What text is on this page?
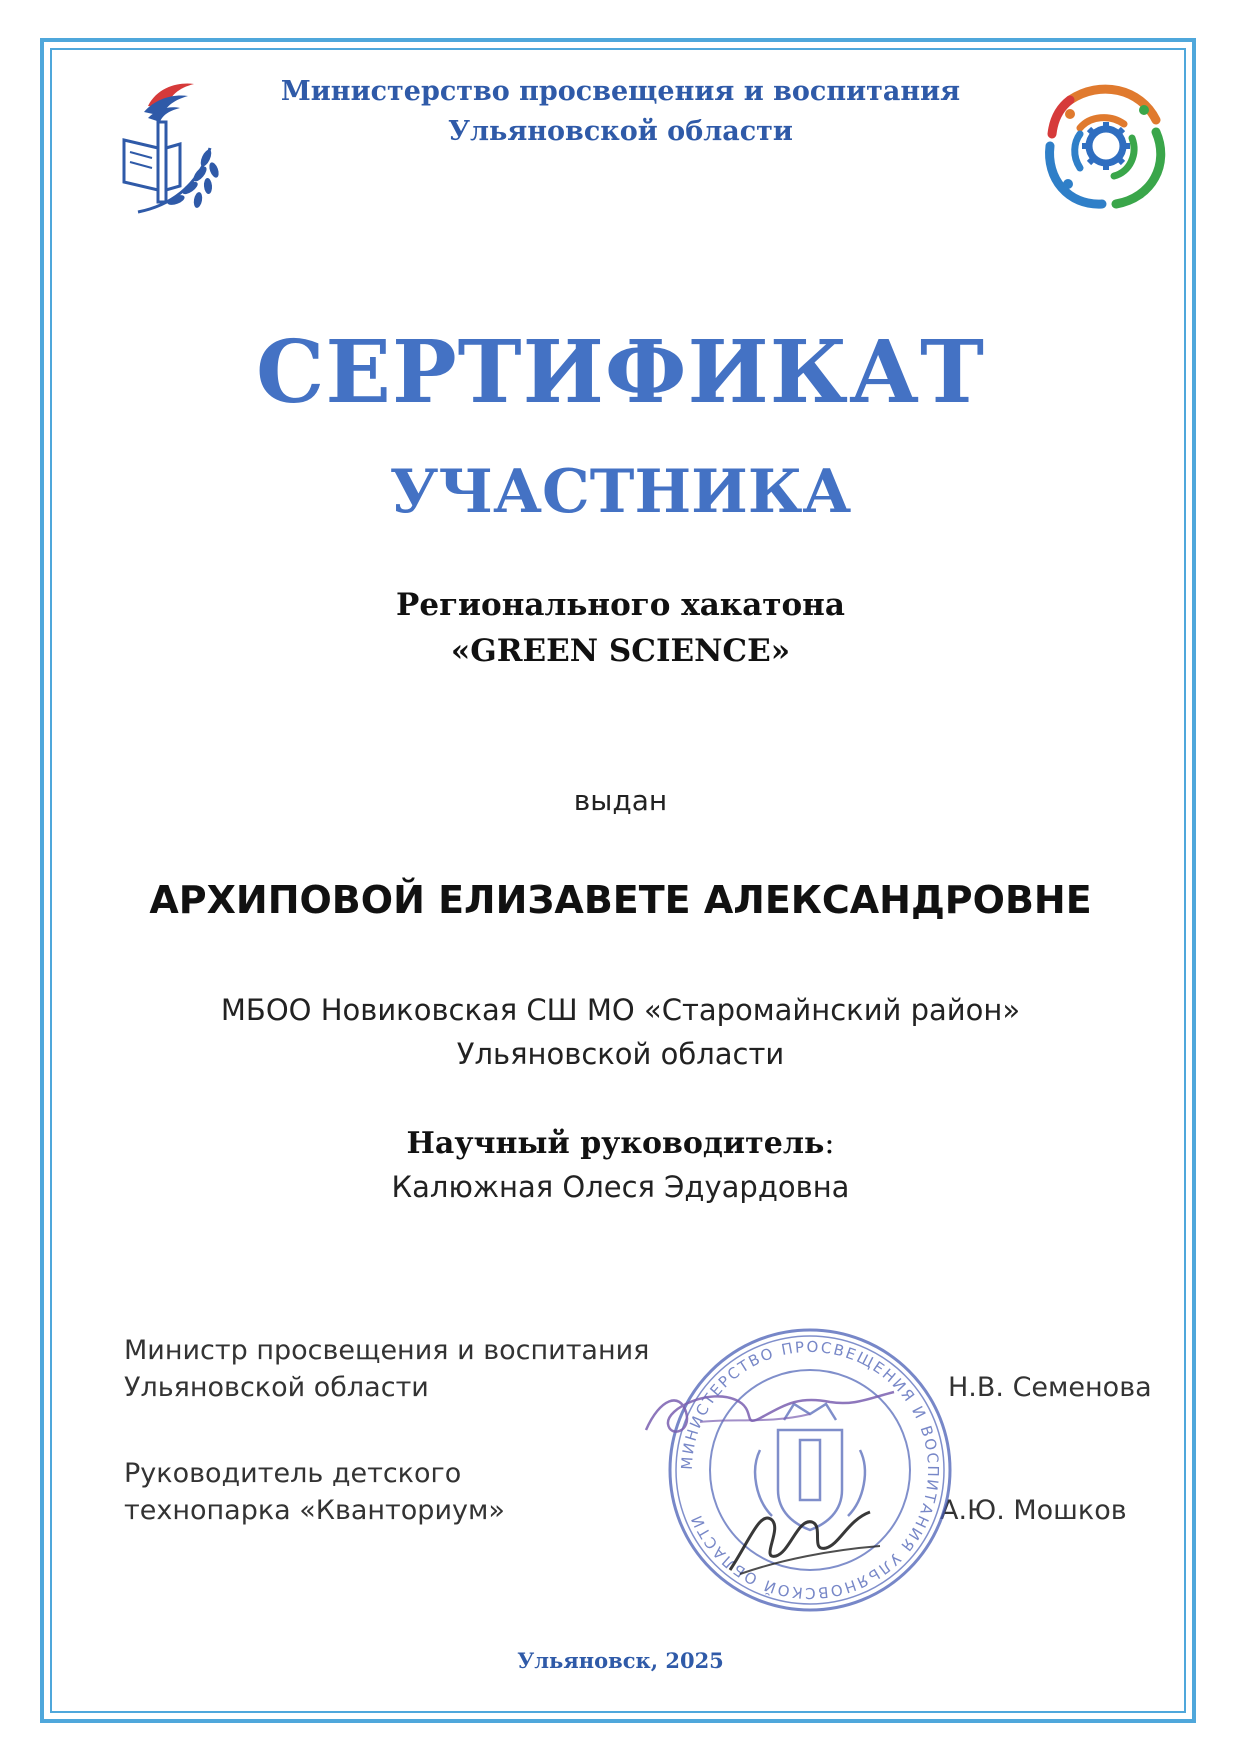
Министерство просвещения и воспитания
Ульяновской области
СЕРТИФИКАТ
УЧАСТНИКА
Регионального хакатона
«GREEN SCIENCE»
выдан
АРХИПОВОЙ ЕЛИЗАВЕТЕ АЛЕКСАНДРОВНЕ
МБОО Новиковская СШ МО «Старомайнский район»
Ульяновской области
Научный руководитель:
Калюжная Олеся Эдуардовна
Министр просвещения и воспитания
Ульяновской области	Н.В. Семенова
Руководитель детского
технопарка «Кванториум»	А.Ю. Мошков
МИНИСТЕРСТВО ПРОСВЕЩЕНИЯ И ВОСПИТАНИЯ УЛЬЯНОВСКОЙ ОБЛАСТИ
Ульяновск, 2025
